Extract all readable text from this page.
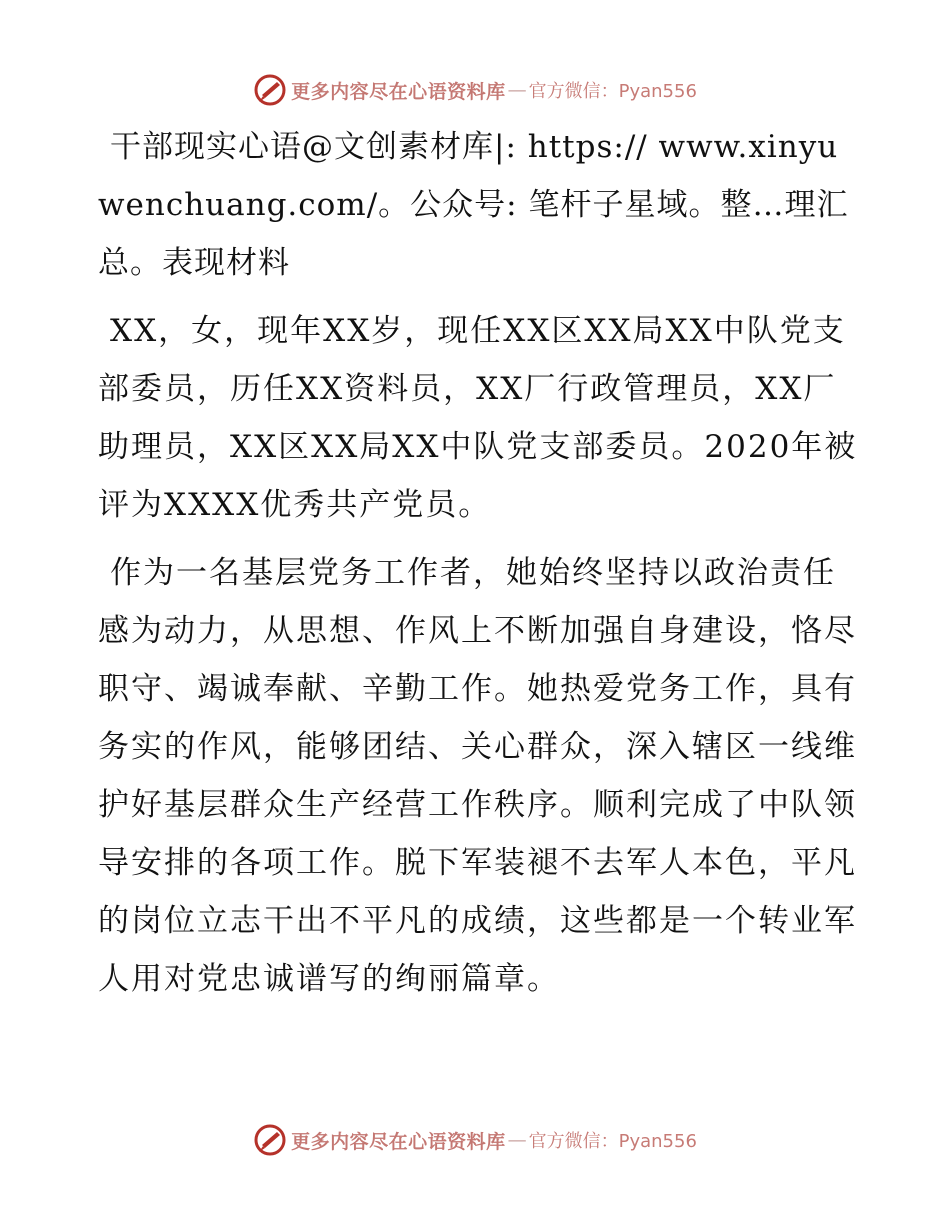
更多内容尽在心语资料库 — 官方微信：Pyan556

干部现实心语@文创素材库|: https:// www.xinyuwenchuang.com/。公众号: 笔杆子星域。整…理汇总。表现材料

XX，女，现年XX岁，现任XX区XX局XX中队党支部委员，历任XX资料员，XX厂行政管理员，XX厂助理员，XX区XX局XX中队党支部委员。2020年被评为XXXX优秀共产党员。

作为一名基层党务工作者，她始终坚持以政治责任感为动力，从思想、作风上不断加强自身建设，恪尽职守、竭诚奉献、辛勤工作。她热爱党务工作，具有务实的作风，能够团结、关心群众，深入辖区一线维护好基层群众生产经营工作秩序。顺利完成了中队领导安排的各项工作。脱下军装褪不去军人本色，平凡的岗位立志干出不平凡的成绩，这些都是一个转业军人用对党忠诚谱写的绚丽篇章。

更多内容尽在心语资料库 — 官方微信：Pyan556
